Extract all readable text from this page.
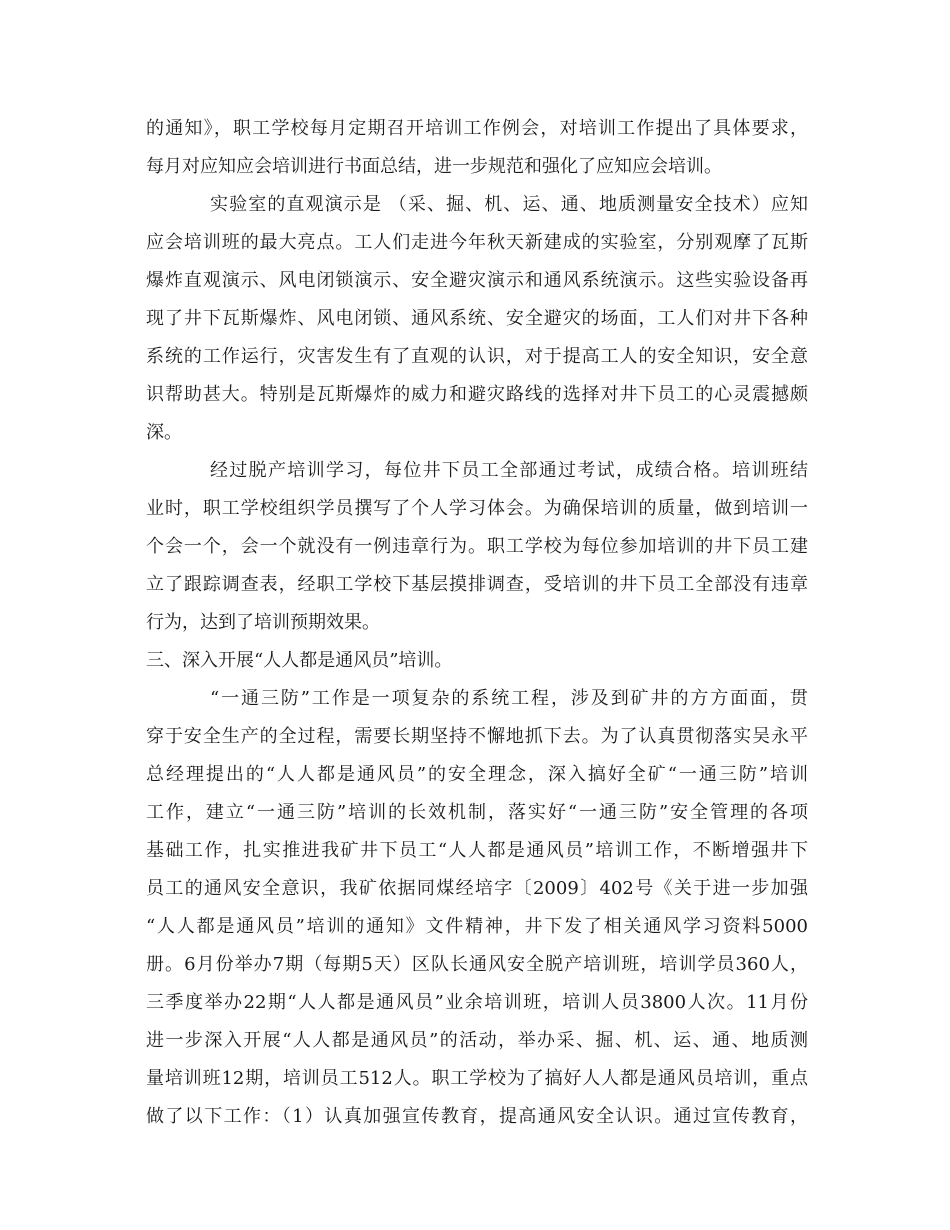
的通知》，职工学校每月定期召开培训工作例会，对培训工作提出了具体要求，
每月对应知应会培训进行书面总结，进一步规范和强化了应知应会培训。
实验室的直观演示是 （采、掘、机、运、通、地质测量安全技术）应知
应会培训班的最大亮点。工人们走进今年秋天新建成的实验室，分别观摩了瓦斯
爆炸直观演示、风电闭锁演示、安全避灾演示和通风系统演示。这些实验设备再
现了井下瓦斯爆炸、风电闭锁、通风系统、安全避灾的场面，工人们对井下各种
系统的工作运行，灾害发生有了直观的认识，对于提高工人的安全知识，安全意
识帮助甚大。特别是瓦斯爆炸的威力和避灾路线的选择对井下员工的心灵震撼颇
深。
经过脱产培训学习，每位井下员工全部通过考试，成绩合格。培训班结
业时，职工学校组织学员撰写了个人学习体会。为确保培训的质量，做到培训一
个会一个，会一个就没有一例违章行为。职工学校为每位参加培训的井下员工建
立了跟踪调查表，经职工学校下基层摸排调查，受培训的井下员工全部没有违章
行为，达到了培训预期效果。
三、深入开展“人人都是通风员”培训。
“一通三防”工作是一项复杂的系统工程，涉及到矿井的方方面面，贯
穿于安全生产的全过程，需要长期坚持不懈地抓下去。为了认真贯彻落实吴永平
总经理提出的“人人都是通风员”的安全理念，深入搞好全矿“一通三防”培训
工作，建立“一通三防”培训的长效机制，落实好“一通三防”安全管理的各项
基础工作，扎实推进我矿井下员工“人人都是通风员”培训工作，不断增强井下
员工的通风安全意识，我矿依据同煤经培字〔2009〕402号《关于进一步加强
“人人都是通风员”培训的通知》文件精神，井下发了相关通风学习资料5000
册。6月份举办7期（每期5天）区队长通风安全脱产培训班，培训学员360人，
三季度举办22期“人人都是通风员”业余培训班，培训人员3800人次。11月份
进一步深入开展“人人都是通风员”的活动，举办采、掘、机、运、通、地质测
量培训班12期，培训员工512人。职工学校为了搞好人人都是通风员培训，重点
做了以下工作：（1）认真加强宣传教育，提高通风安全认识。通过宣传教育，
